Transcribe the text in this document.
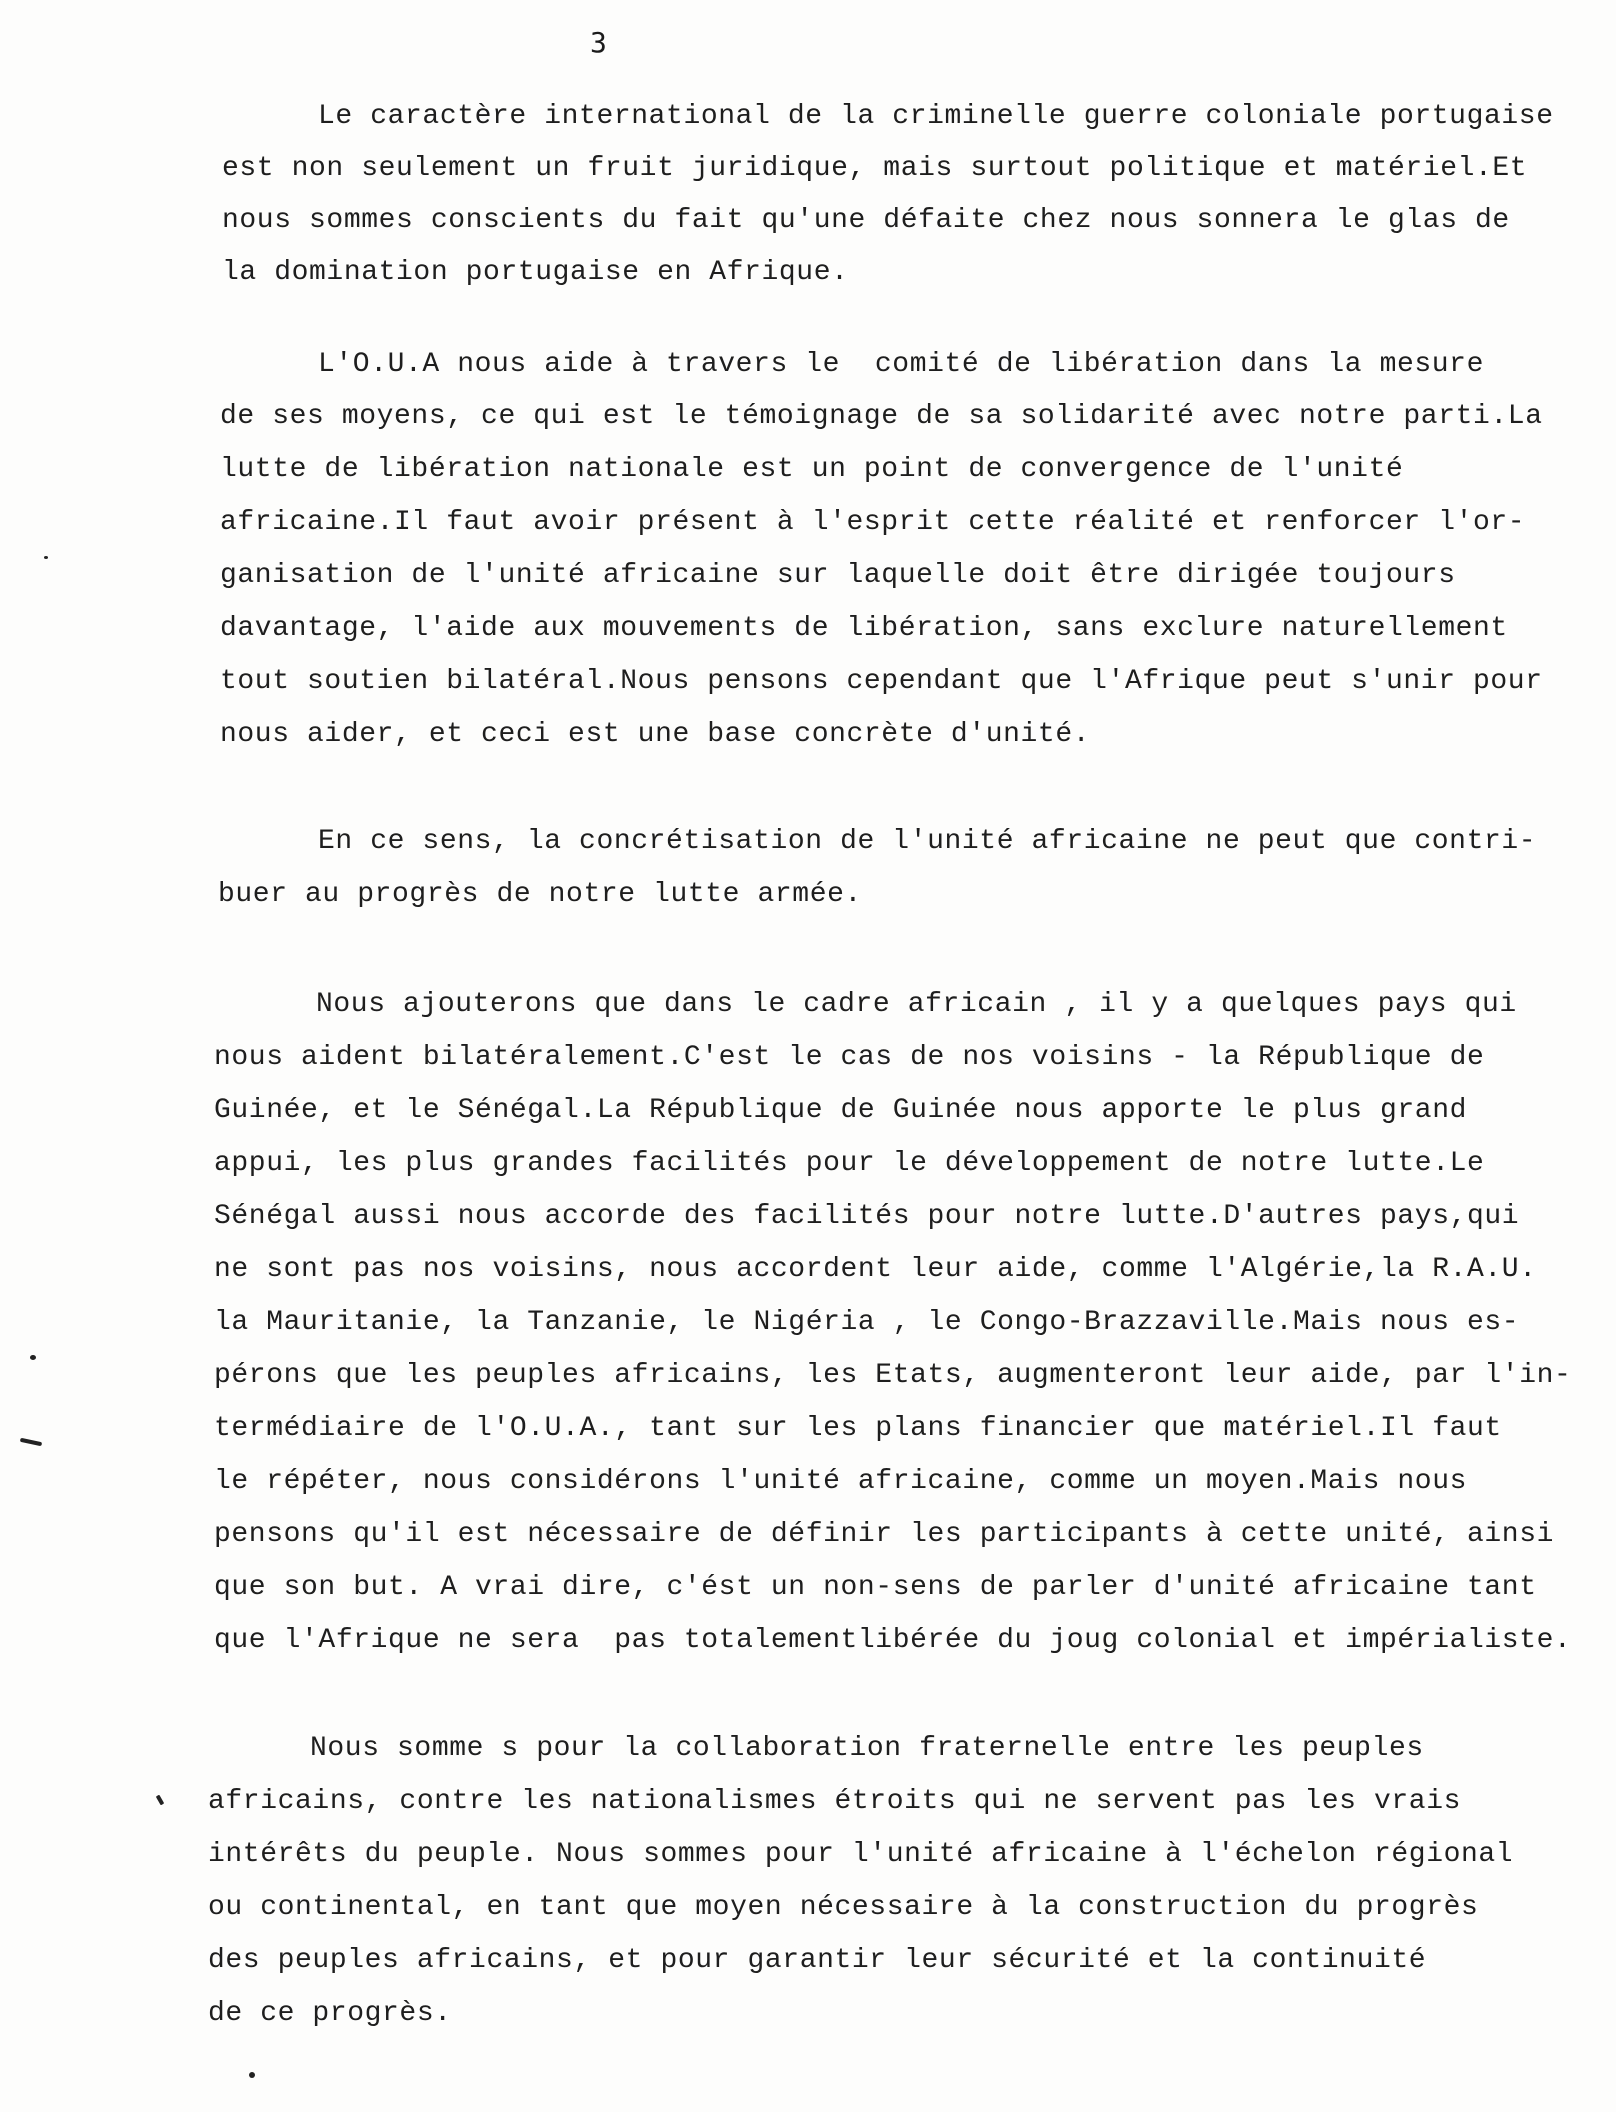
3

Le caractère international de la criminelle guerre coloniale portugaise

est non seulement un fruit juridique, mais surtout politique et matériel.Et

nous sommes conscients du fait qu'une défaite chez nous sonnera le glas de

la domination portugaise en Afrique.

L'O.U.A nous aide à travers le  comité de libération dans la mesure

de ses moyens, ce qui est le témoignage de sa solidarité avec notre parti.La

lutte de libération nationale est un point de convergence de l'unité

africaine.Il faut avoir présent à l'esprit cette réalité et renforcer l'or-

ganisation de l'unité africaine sur laquelle doit être dirigée toujours

davantage, l'aide aux mouvements de libération, sans exclure naturellement

tout soutien bilatéral.Nous pensons cependant que l'Afrique peut s'unir pour

nous aider, et ceci est une base concrète d'unité.

En ce sens, la concrétisation de l'unité africaine ne peut que contri-

buer au progrès de notre lutte armée.

Nous ajouterons que dans le cadre africain , il y a quelques pays qui

nous aident bilatéralement.C'est le cas de nos voisins - la République de

Guinée, et le Sénégal.La République de Guinée nous apporte le plus grand

appui, les plus grandes facilités pour le développement de notre lutte.Le

Sénégal aussi nous accorde des facilités pour notre lutte.D'autres pays,qui

ne sont pas nos voisins, nous accordent leur aide, comme l'Algérie,la R.A.U.

la Mauritanie, la Tanzanie, le Nigéria , le Congo-Brazzaville.Mais nous es-

pérons que les peuples africains, les Etats, augmenteront leur aide, par l'in-

termédiaire de l'O.U.A., tant sur les plans financier que matériel.Il faut

le répéter, nous considérons l'unité africaine, comme un moyen.Mais nous

pensons qu'il est nécessaire de définir les participants à cette unité, ainsi

que son but. A vrai dire, c'ést un non-sens de parler d'unité africaine tant

que l'Afrique ne sera  pas totalementlibérée du joug colonial et impérialiste.

Nous somme s pour la collaboration fraternelle entre les peuples

africains, contre les nationalismes étroits qui ne servent pas les vrais

intérêts du peuple. Nous sommes pour l'unité africaine à l'échelon régional

ou continental, en tant que moyen nécessaire à la construction du progrès

des peuples africains, et pour garantir leur sécurité et la continuité

de ce progrès.
